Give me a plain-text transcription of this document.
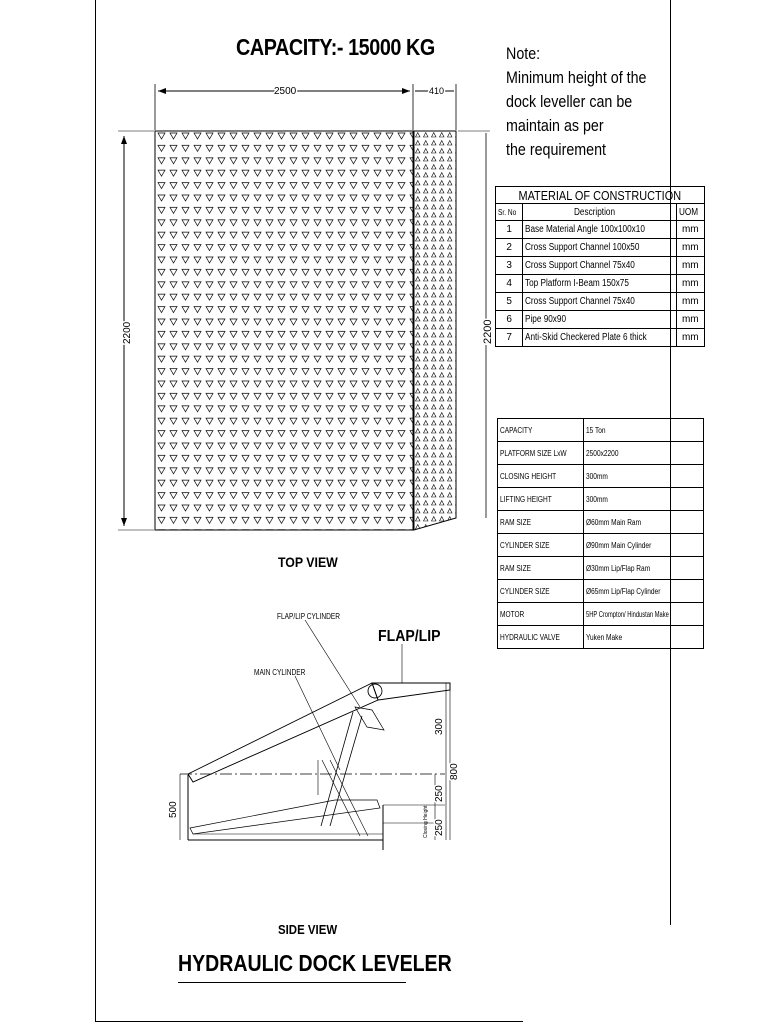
CAPACITY:- 15000 KG	Note:
Minimum height of the
dock leveller can be
maintain as per
the requirement
2500	410
2200	2200
500
300
800
250
250
Closing Height
TOP VIEW
FLAP/LIP CYLINDER
MAIN CYLINDER
FLAP/LIP
SIDE VIEW
HYDRAULIC DOCK LEVELER
MATERIAL OF CONSTRUCTION		
Sr. No	Description	UOM
1	Base Material Angle 100x100x10	mm
2	Cross Support Channel 100x50	mm
3	Cross Support Channel 75x40	mm
4	Top Platform I-Beam 150x75	mm
5	Cross Support Channel 75x40	mm
6	Pipe 90x90	mm
7	Anti-Skid Checkered Plate 6 thick	mm
CAPACITY	15 Ton
PLATFORM SIZE LxW	2500x2200
CLOSING HEIGHT	300mm
LIFTING HEIGHT	300mm
RAM SIZE	Ø60mm Main Ram
CYLINDER SIZE	Ø90mm Main Cylinder
RAM SIZE	Ø30mm Lip/Flap Ram
CYLINDER SIZE	Ø65mm Lip/Flap Cylinder
MOTOR	5HP Crompton/ Hindustan Make
HYDRAULIC VALVE	Yuken Make
